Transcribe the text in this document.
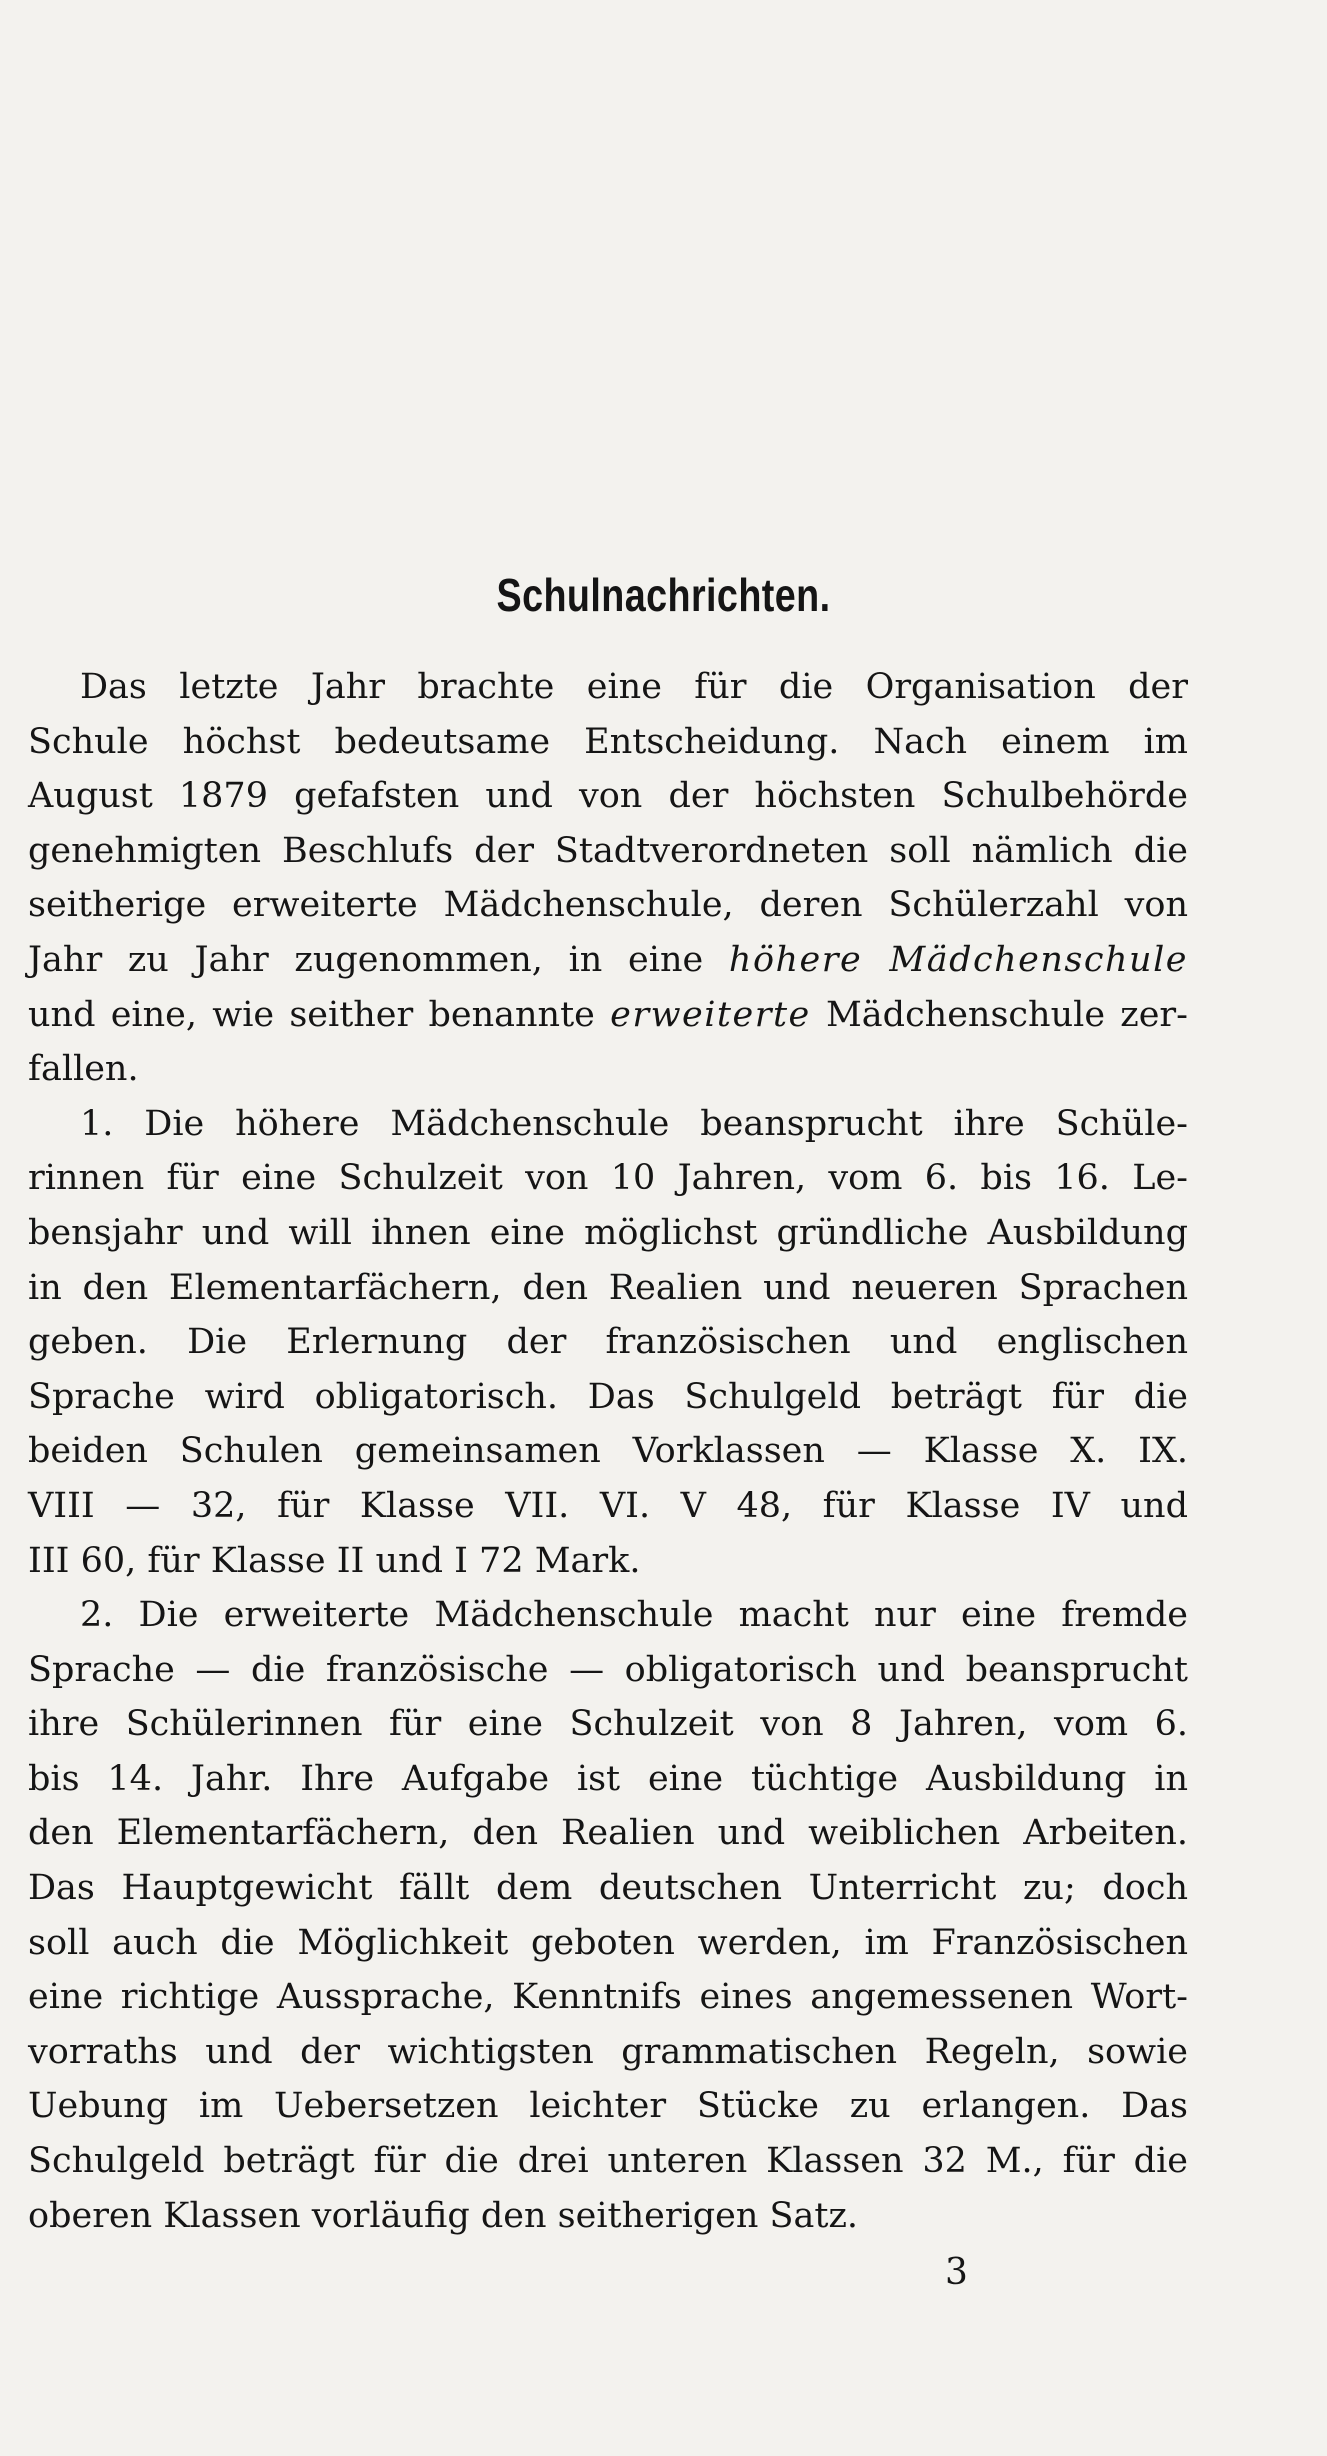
Schulnachrichten.
Das letzte Jahr brachte eine für die Organisation der
Schule höchst bedeutsame Entscheidung. Nach einem im
August 1879 gefafsten und von der höchsten Schulbehörde
genehmigten Beschlufs der Stadtverordneten soll nämlich die
seitherige erweiterte Mädchenschule, deren Schülerzahl von
Jahr zu Jahr zugenommen, in eine höhere Mädchenschule
und eine, wie seither benannte erweiterte Mädchenschule zer-
fallen.
1. Die höhere Mädchenschule beansprucht ihre Schüle-
rinnen für eine Schulzeit von 10 Jahren, vom 6. bis 16. Le-
bensjahr und will ihnen eine möglichst gründliche Ausbildung
in den Elementarfächern, den Realien und neueren Sprachen
geben. Die Erlernung der französischen und englischen
Sprache wird obligatorisch. Das Schulgeld beträgt für die
beiden Schulen gemeinsamen Vorklassen — Klasse X. IX.
VIII — 32, für Klasse VII. VI. V 48, für Klasse IV und
III 60, für Klasse II und I 72 Mark.
2. Die erweiterte Mädchenschule macht nur eine fremde
Sprache — die französische — obligatorisch und beansprucht
ihre Schülerinnen für eine Schulzeit von 8 Jahren, vom 6.
bis 14. Jahr. Ihre Aufgabe ist eine tüchtige Ausbildung in
den Elementarfächern, den Realien und weiblichen Arbeiten.
Das Hauptgewicht fällt dem deutschen Unterricht zu; doch
soll auch die Möglichkeit geboten werden, im Französischen
eine richtige Aussprache, Kenntnifs eines angemessenen Wort-
vorraths und der wichtigsten grammatischen Regeln, sowie
Uebung im Uebersetzen leichter Stücke zu erlangen. Das
Schulgeld beträgt für die drei unteren Klassen 32 M., für die
oberen Klassen vorläufig den seitherigen Satz.
3
